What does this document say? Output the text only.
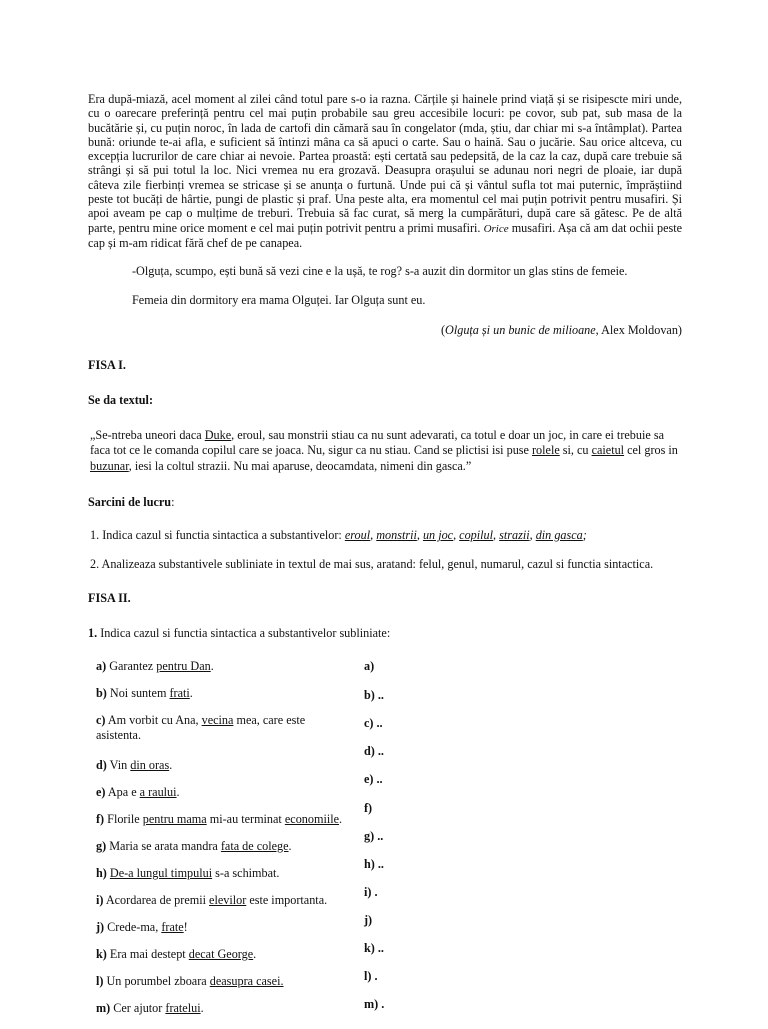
Era după-miază, acel moment al zilei când totul pare s-o ia razna. Cărțile și hainele prind viață și se risipescte miri unde, cu o oarecare preferință pentru cel mai puțin probabile sau greu accesibile locuri: pe covor, sub pat, sub masa de la bucătărie și, cu puțin noroc, în lada de cartofi din cămară sau în congelator (mda, știu, dar chiar mi s-a întâmplat). Partea bună: oriunde te-ai afla, e suficient să întinzi mâna ca să apuci o carte. Sau o haină. Sau o jucărie. Sau orice altceva, cu excepția lucrurilor de care chiar ai nevoie. Partea proastă: ești certată sau pedepsită, de la caz la caz, după care trebuie să strângi și să pui totul la loc. Nici vremea nu era grozavă. Deasupra orașului se adunau nori negri de ploaie, iar după câteva zile fierbinți vremea se stricase și se anunța o furtună. Unde pui că și vântul sufla tot mai puternic, împrăștiind peste tot bucăți de hârtie, pungi de plastic și praf. Una peste alta, era momentul cel mai puțin potrivit pentru musafiri. Și apoi aveam pe cap o mulțime de treburi. Trebuia să fac curat, să merg la cumpărături, după care să gătesc. Pe de altă parte, pentru mine orice moment e cel mai puțin potrivit pentru a primi musafiri. Orice musafiri. Așa că am dat ochii peste cap și m-am ridicat fără chef de pe canapea.

-Olguța, scumpo, ești bună să vezi cine e la ușă, te rog? s-a auzit din dormitor un glas stins de femeie.

Femeia din dormitory era mama Olguței. Iar Olguța sunt eu.

(Olguța și un bunic de milioane, Alex Moldovan)

FISA I.

Se da textul:

„Se-ntreba uneori daca Duke, eroul, sau monstrii stiau ca nu sunt adevarati, ca totul e doar un joc, in care ei trebuie sa faca tot ce le comanda copilul care se joaca. Nu, sigur ca nu stiau. Cand se plictisi isi puse rolele si, cu caietul cel gros in buzunar, iesi la coltul strazii. Nu mai aparuse, deocamdata, nimeni din gasca.”

Sarcini de lucru:

1. Indica cazul si functia sintactica a substantivelor: eroul, monstrii, un joc, copilul, strazii, din gasca;

2. Analizeaza substantivele subliniate in textul de mai sus, aratand: felul, genul, numarul, cazul si functia sintactica.

FISA II.

1. Indica cazul si functia sintactica a substantivelor subliniate:

a) Garantez pentru Dan.
b) Noi suntem frati.
c) Am vorbit cu Ana, vecina mea, care este asistenta.
d) Vin din oras.
e) Apa e a raului.
f) Florile pentru mama mi-au terminat economiile.
g) Maria se arata mandra fata de colege.
h) De-a lungul timpului s-a schimbat.
i) Acordarea de premii elevilor este importanta.
j) Crede-ma, frate!
k) Era mai destept decat George.
l) Un porumbel zboara deasupra casei.
m) Cer ajutor fratelui.
a)
b) ..
c) ..
d) ..
e) ..
f)
g) ..
h) ..
i) .
j)
k) ..
l) .
m) .
